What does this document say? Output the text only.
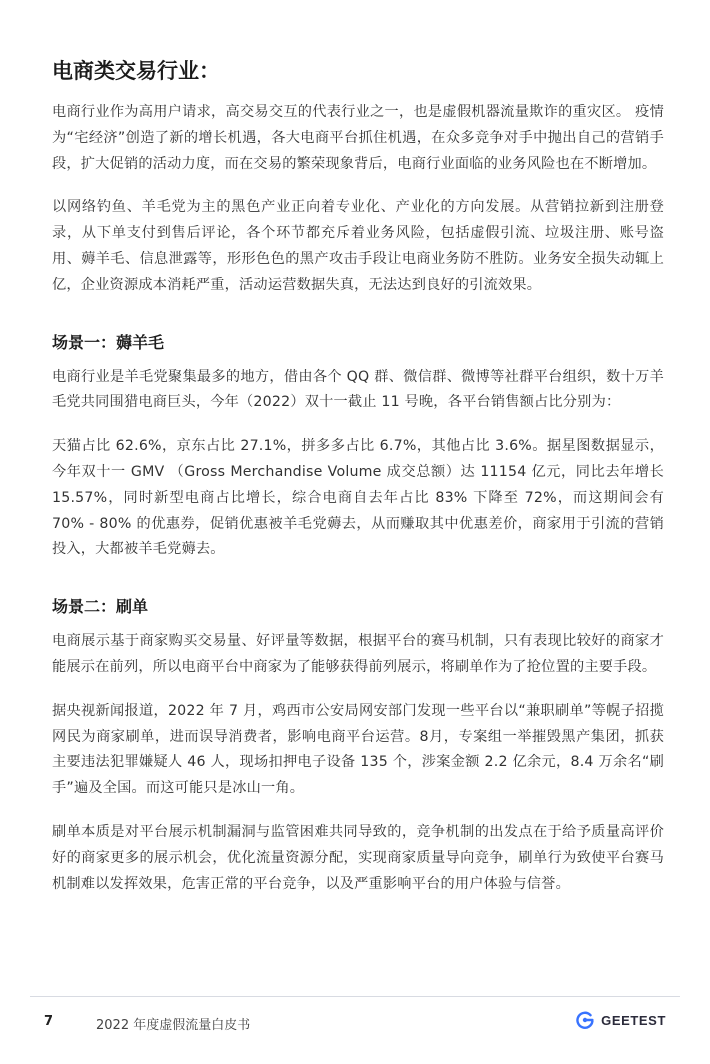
电商类交易行业：

电商行业作为高用户请求，高交易交互的代表行业之一，也是虚假机器流量欺诈的重灾区。 疫情为“宅经济”创造了新的增长机遇，各大电商平台抓住机遇，在众多竞争对手中抛出自己的营销手段，扩大促销的活动力度，而在交易的繁荣现象背后，电商行业面临的业务风险也在不断增加。

以网络钓鱼、羊毛党为主的黑色产业正向着专业化、产业化的方向发展。从营销拉新到注册登录，从下单支付到售后评论，各个环节都充斥着业务风险，包括虚假引流、垃圾注册、账号盗用、薅羊毛、信息泄露等，形形色色的黑产攻击手段让电商业务防不胜防。业务安全损失动辄上亿，企业资源成本消耗严重，活动运营数据失真，无法达到良好的引流效果。

场景一：薅羊毛

电商行业是羊毛党聚集最多的地方，借由各个 QQ 群、微信群、微博等社群平台组织，数十万羊毛党共同围猎电商巨头，今年（2022）双十一截止 11 号晚，各平台销售额占比分别为：

天猫占比 62.6%，京东占比 27.1%，拼多多占比 6.7%，其他占比 3.6%。据星图数据显示，今年双十一 GMV （Gross Merchandise Volume 成交总额）达 11154 亿元，同比去年增长 15.57%，同时新型电商占比增长，综合电商自去年占比 83% 下降至 72%，而这期间会有 70% - 80% 的优惠券，促销优惠被羊毛党薅去，从而赚取其中优惠差价，商家用于引流的营销投入，大都被羊毛党薅去。

场景二：刷单

电商展示基于商家购买交易量、好评量等数据，根据平台的赛马机制，只有表现比较好的商家才能展示在前列，所以电商平台中商家为了能够获得前列展示，将刷单作为了抢位置的主要手段。

据央视新闻报道，2022 年 7 月，鸡西市公安局网安部门发现一些平台以“兼职刷单”等幌子招揽网民为商家刷单，进而误导消费者，影响电商平台运营。8月，专案组一举摧毁黑产集团，抓获主要违法犯罪嫌疑人 46 人，现场扣押电子设备 135 个，涉案金额 2.2 亿余元，8.4 万余名“刷手”遍及全国。而这可能只是冰山一角。

刷单本质是对平台展示机制漏洞与监管困难共同导致的，竞争机制的出发点在于给予质量高评价好的商家更多的展示机会，优化流量资源分配，实现商家质量导向竞争，刷单行为致使平台赛马机制难以发挥效果，危害正常的平台竞争，以及严重影响平台的用户体验与信誉。

7	2022 年度虚假流量白皮书	GEETEST
